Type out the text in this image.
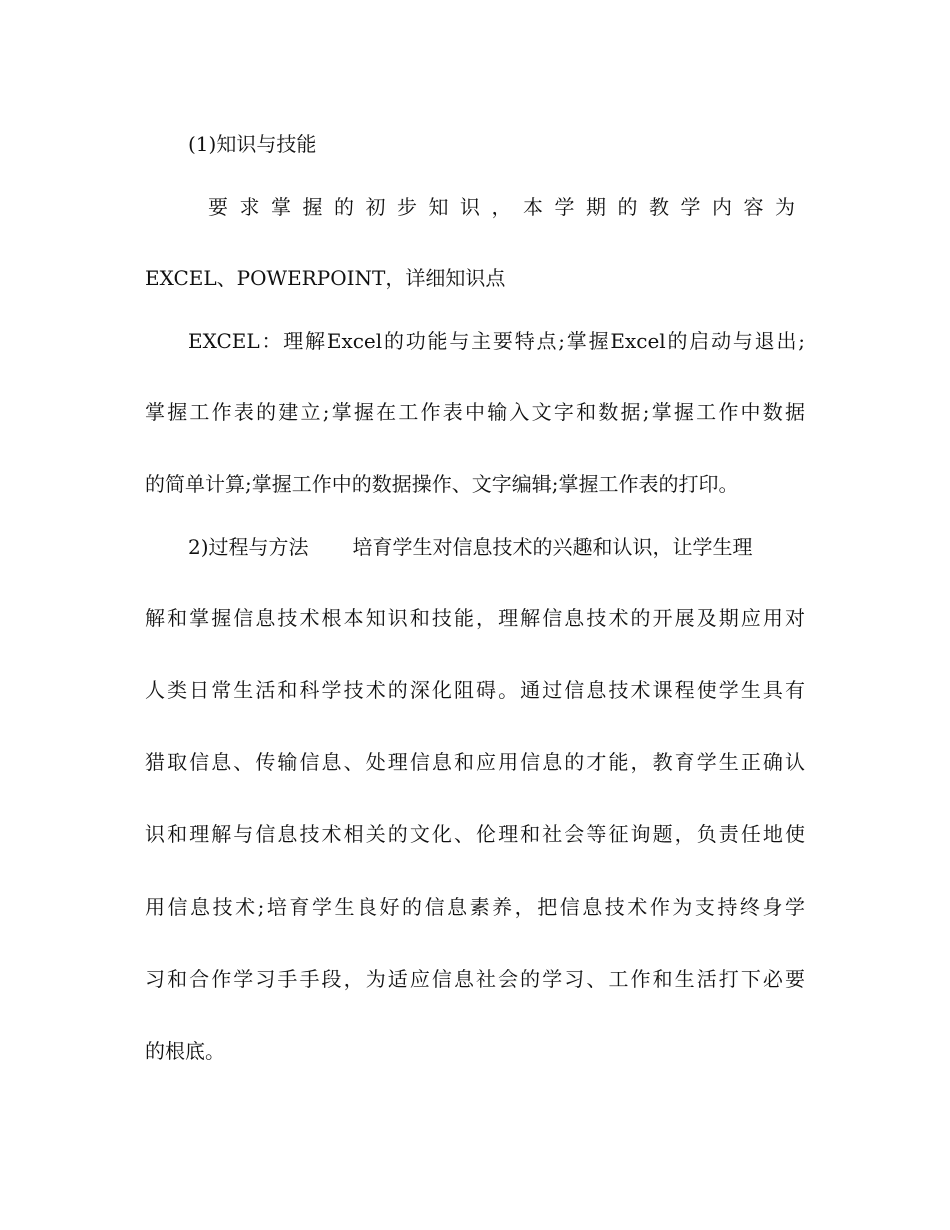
(1)知识与技能
要求掌握的初步知识，本学期的教学内容为
EXCEL、POWERPOINT，详细知识点
EXCEL：理解Excel的功能与主要特点;掌握Excel的启动与退出;
掌握工作表的建立;掌握在工作表中输入文字和数据;掌握工作中数据
的简单计算;掌握工作中的数据操作、文字编辑;掌握工作表的打印。
2)过程与方法 培育学生对信息技术的兴趣和认识，让学生理
解和掌握信息技术根本知识和技能，理解信息技术的开展及期应用对
人类日常生活和科学技术的深化阻碍。通过信息技术课程使学生具有
猎取信息、传输信息、处理信息和应用信息的才能，教育学生正确认
识和理解与信息技术相关的文化、伦理和社会等征询题，负责任地使
用信息技术;培育学生良好的信息素养，把信息技术作为支持终身学
习和合作学习手手段，为适应信息社会的学习、工作和生活打下必要
的根底。
